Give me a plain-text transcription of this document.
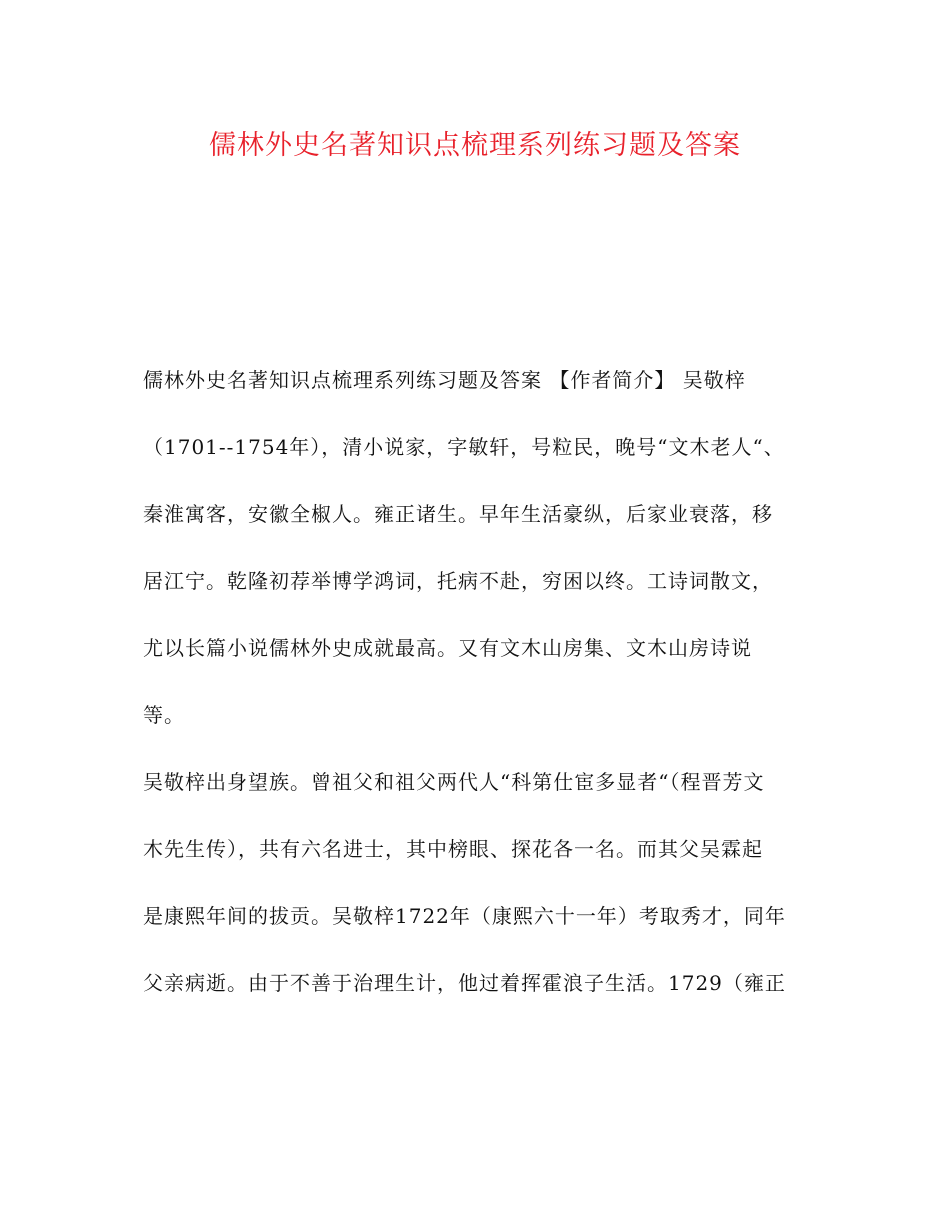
儒林外史名著知识点梳理系列练习题及答案
儒林外史名著知识点梳理系列练习题及答案 【作者简介】 吴敬梓
（1701--1754年），清小说家，字敏轩，号粒民，晚号“文木老人“、
秦淮寓客，安徽全椒人。雍正诸生。早年生活豪纵，后家业衰落，移
居江宁。乾隆初荐举博学鸿词，托病不赴，穷困以终。工诗词散文，
尤以长篇小说儒林外史成就最高。又有文木山房集、文木山房诗说
等。
吴敬梓出身望族。曾祖父和祖父两代人“科第仕宦多显者“（程晋芳文
木先生传），共有六名进士，其中榜眼、探花各一名。而其父吴霖起
是康熙年间的拔贡。吴敬梓1722年（康熙六十一年）考取秀才，同年
父亲病逝。由于不善于治理生计，他过着挥霍浪子生活。1729（雍正
